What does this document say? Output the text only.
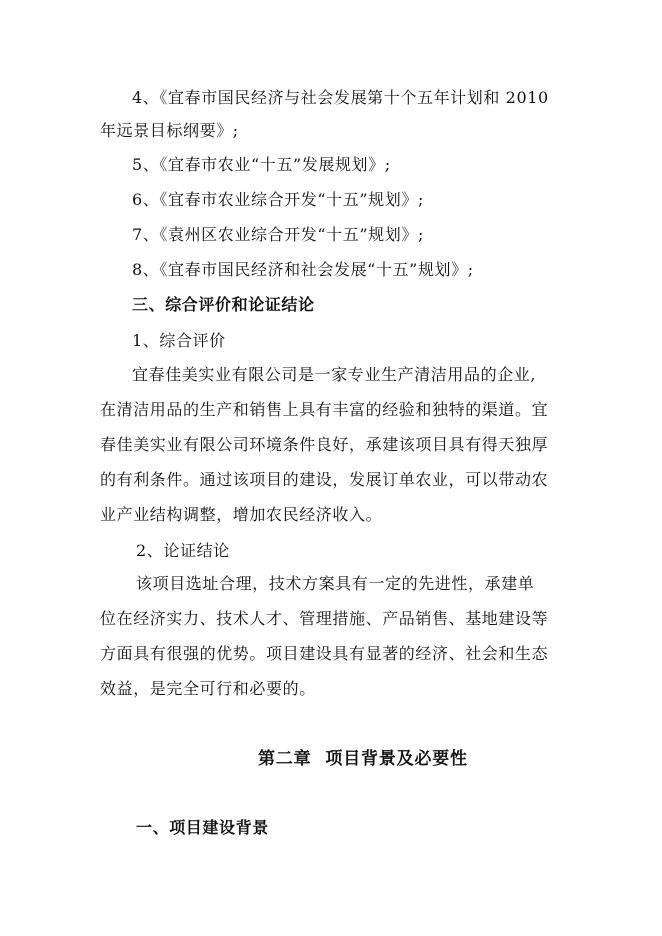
4、《宜春市国民经济与社会发展第十个五年计划和 2010
年远景目标纲要》;
5、《宜春市农业“十五”发展规划》;
6、《宜春市农业综合开发“十五”规划》;
7、《袁州区农业综合开发“十五”规划》;
8、《宜春市国民经济和社会发展“十五”规划》;
三、综合评价和论证结论
1、综合评价
宜春佳美实业有限公司是一家专业生产清洁用品的企业,
在清洁用品的生产和销售上具有丰富的经验和独特的渠道。宜
春佳美实业有限公司环境条件良好，承建该项目具有得天独厚
的有利条件。通过该项目的建设，发展订单农业，可以带动农
业产业结构调整，增加农民经济收入。
2、论证结论
该项目选址合理，技术方案具有一定的先进性，承建单
位在经济实力、技术人才、管理措施、产品销售、基地建设等
方面具有很强的优势。项目建设具有显著的经济、社会和生态
效益，是完全可行和必要的。
第二章 项目背景及必要性
一、项目建设背景
